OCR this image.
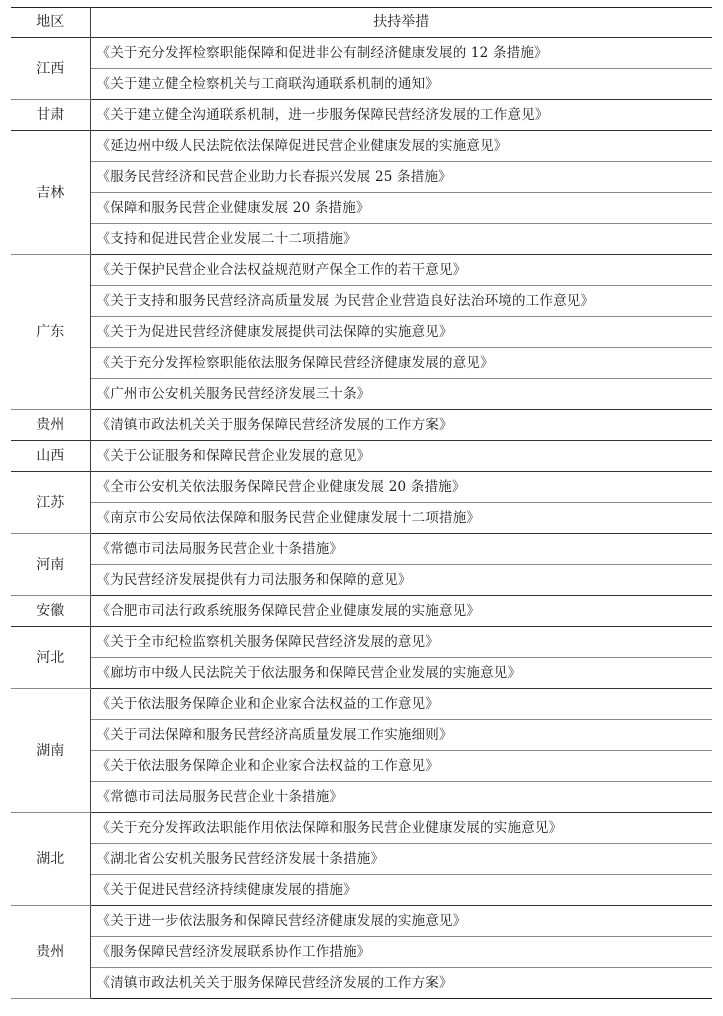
地区	扶持举措
江西	《关于充分发挥检察职能保障和促进非公有制经济健康发展的 12 条措施》
	《关于建立健全检察机关与工商联沟通联系机制的通知》
甘肃	《关于建立健全沟通联系机制，进一步服务保障民营经济发展的工作意见》
吉林	《延边州中级人民法院依法保障促进民营企业健康发展的实施意见》
	《服务民营经济和民营企业助力长春振兴发展 25 条措施》
	《保障和服务民营企业健康发展 20 条措施》
	《支持和促进民营企业发展二十二项措施》
广东	《关于保护民营企业合法权益规范财产保全工作的若干意见》
	《关于支持和服务民营经济高质量发展 为民营企业营造良好法治环境的工作意见》
	《关于为促进民营经济健康发展提供司法保障的实施意见》
	《关于充分发挥检察职能依法服务保障民营经济健康发展的意见》
	《广州市公安机关服务民营经济发展三十条》
贵州	《清镇市政法机关关于服务保障民营经济发展的工作方案》
山西	《关于公证服务和保障民营企业发展的意见》
江苏	《全市公安机关依法服务保障民营企业健康发展 20 条措施》
	《南京市公安局依法保障和服务民营企业健康发展十二项措施》
河南	《常德市司法局服务民营企业十条措施》
	《为民营经济发展提供有力司法服务和保障的意见》
安徽	《合肥市司法行政系统服务保障民营企业健康发展的实施意见》
河北	《关于全市纪检监察机关服务保障民营经济发展的意见》
	《廊坊市中级人民法院关于依法服务和保障民营企业发展的实施意见》
湖南	《关于依法服务保障企业和企业家合法权益的工作意见》
	《关于司法保障和服务民营经济高质量发展工作实施细则》
	《关于依法服务保障企业和企业家合法权益的工作意见》
	《常德市司法局服务民营企业十条措施》
湖北	《关于充分发挥政法职能作用依法保障和服务民营企业健康发展的实施意见》
	《湖北省公安机关服务民营经济发展十条措施》
	《关于促进民营经济持续健康发展的措施》
贵州	《关于进一步依法服务和保障民营经济健康发展的实施意见》
	《服务保障民营经济发展联系协作工作措施》
	《清镇市政法机关关于服务保障民营经济发展的工作方案》
